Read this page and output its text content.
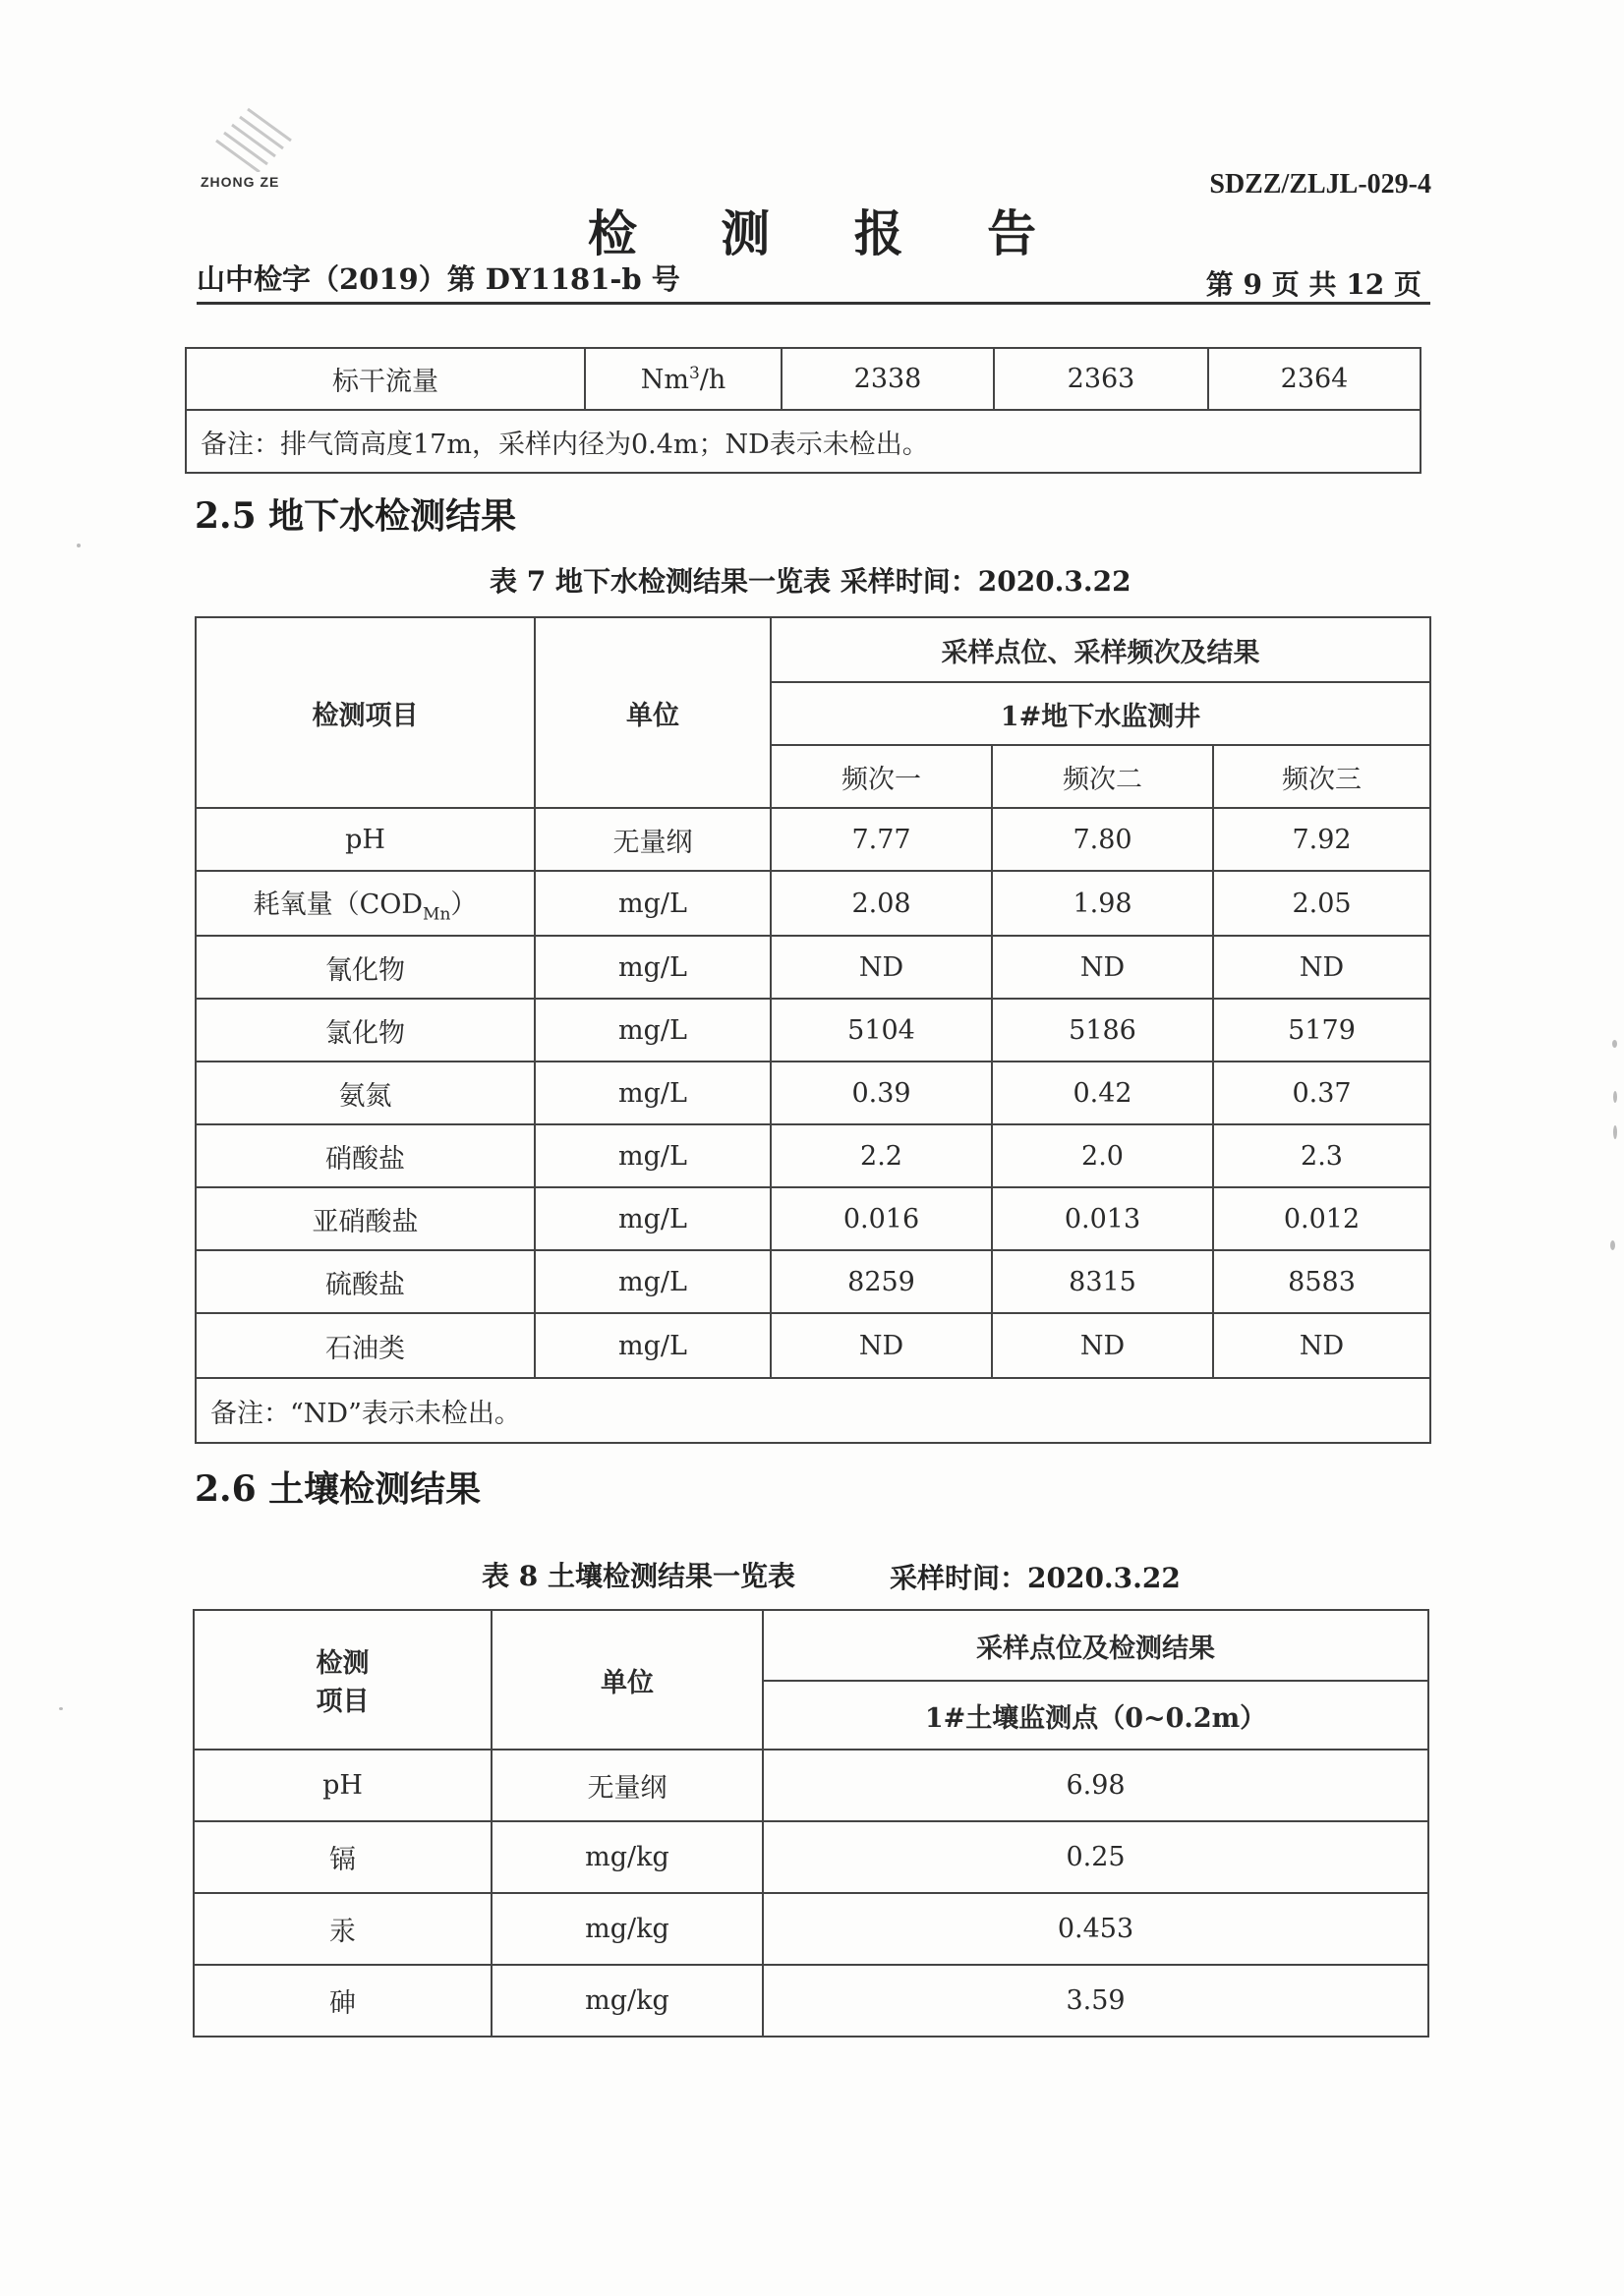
ZHONG ZE	SDZZ/ZLJL-029-4
检 测 报 告
山中检字（2019）第 DY1181-b 号	第 9 页 共 12 页
标干流量	Nm$^3$/h	2338	2363	2364
备注：排气筒高度17m，采样内径为0.4m；ND表示未检出。
2.5 地下水检测结果
表 7 地下水检测结果一览表 采样时间：2020.3.22
检测项目	单位	采样点位、采样频次及结果		
		1#地下水监测井		
		频次一	频次二	频次三
pH	无量纲	7.77	7.80	7.92
耗氧量$(COD_{Mn})$	mg/L	2.08	1.98	2.05
氰化物	mg/L	ND	ND	ND
氯化物	mg/L	5104	5186	5179
氨氮	mg/L	0.39	0.42	0.37
硝酸盐	mg/L	2.2	2.0	2.3
亚硝酸盐	mg/L	0.016	0.013	0.012
硫酸盐	mg/L	8259	8315	8583
石油类	mg/L	ND	ND	ND
备注：“ND”表示未检出。				
2.6 土壤检测结果
表 8 土壤检测结果一览表	采样时间：2020.3.22
检测
项目	单位	采样点位及检测结果
		1#土壤监测点（0~0.2m）
pH	无量纲	6.98
镉	mg/kg	0.25
汞	mg/kg	0.453
砷	mg/kg	3.59
